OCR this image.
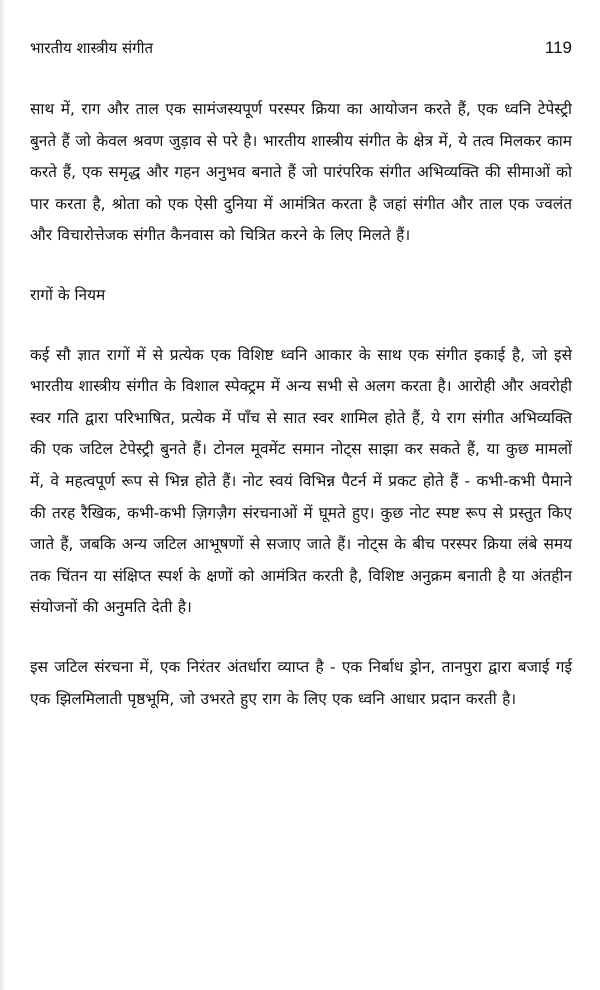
भारतीय शास्त्रीय संगीत	119

साथ में, राग और ताल एक सामंजस्यपूर्ण परस्पर क्रिया का आयोजन करते हैं, एक ध्वनि टेपेस्ट्री बुनते हैं जो केवल श्रवण जुड़ाव से परे है। भारतीय शास्त्रीय संगीत के क्षेत्र में, ये तत्व मिलकर काम करते हैं, एक समृद्ध और गहन अनुभव बनाते हैं जो पारंपरिक संगीत अभिव्यक्ति की सीमाओं को पार करता है, श्रोता को एक ऐसी दुनिया में आमंत्रित करता है जहां संगीत और ताल एक ज्वलंत और विचारोत्तेजक संगीत कैनवास को चित्रित करने के लिए मिलते हैं।

रागों के नियम

कई सौ ज्ञात रागों में से प्रत्येक एक विशिष्ट ध्वनि आकार के साथ एक संगीत इकाई है, जो इसे भारतीय शास्त्रीय संगीत के विशाल स्पेक्ट्रम में अन्य सभी से अलग करता है। आरोही और अवरोही स्वर गति द्वारा परिभाषित, प्रत्येक में पाँच से सात स्वर शामिल होते हैं, ये राग संगीत अभिव्यक्ति की एक जटिल टेपेस्ट्री बुनते हैं। टोनल मूवमेंट समान नोट्स साझा कर सकते हैं, या कुछ मामलों में, वे महत्वपूर्ण रूप से भिन्न होते हैं। नोट स्वयं विभिन्न पैटर्न में प्रकट होते हैं - कभी-कभी पैमाने की तरह रैखिक, कभी-कभी ज़िगज़ैग संरचनाओं में घूमते हुए। कुछ नोट स्पष्ट रूप से प्रस्तुत किए जाते हैं, जबकि अन्य जटिल आभूषणों से सजाए जाते हैं। नोट्स के बीच परस्पर क्रिया लंबे समय तक चिंतन या संक्षिप्त स्पर्श के क्षणों को आमंत्रित करती है, विशिष्ट अनुक्रम बनाती है या अंतहीन संयोजनों की अनुमति देती है।

इस जटिल संरचना में, एक निरंतर अंतर्धारा व्याप्त है - एक निर्बाध ड्रोन, तानपुरा द्वारा बजाई गई एक झिलमिलाती पृष्ठभूमि, जो उभरते हुए राग के लिए एक ध्वनि आधार प्रदान करती है।
